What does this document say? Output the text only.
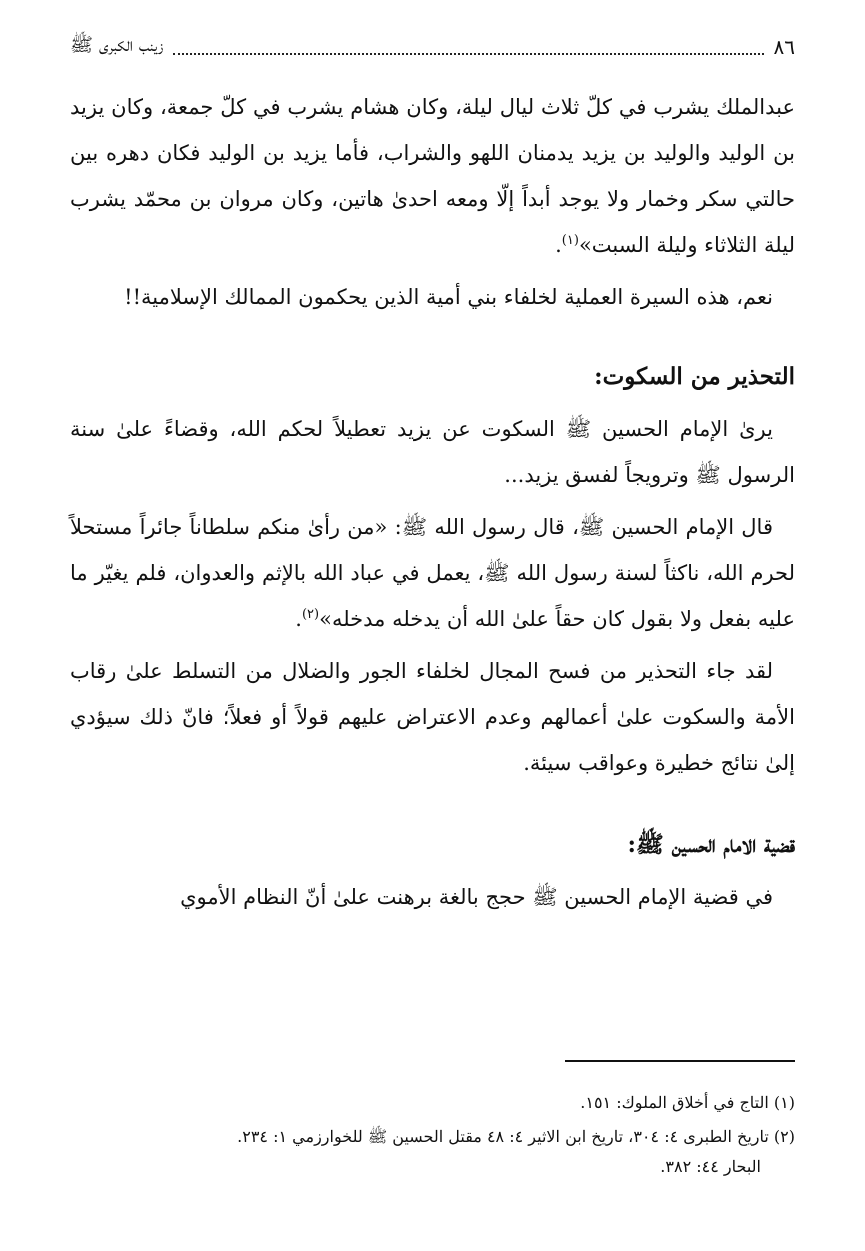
٨٦
زينب الكبرى ﷺ

عبدالملك يشرب في كلّ ثلاث ليال ليلة، وكان هشام يشرب في كلّ جمعة، وكان يزيد بن الوليد والوليد بن يزيد يدمنان اللهو والشراب، فأما يزيد بن الوليد فكان دهره بين حالتي سكر وخمار ولا يوجد أبداً إلّا ومعه احدىٰ هاتين، وكان مروان بن محمّد يشرب ليلة الثلاثاء وليلة السبت»$^{(١)}$.

نعم، هذه السيرة العملية لخلفاء بني أمية الذين يحكمون الممالك الإسلامية!!

التحذير من السكوت:

يرىٰ الإمام الحسين ﷺ السكوت عن يزيد تعطيلاً لحكم الله، وقضاءً علىٰ سنة الرسول ﷺ وترويجاً لفسق يزيد...

قال الإمام الحسين ﷺ، قال رسول الله ﷺ: «من رأىٰ منكم سلطاناً جائراً مستحلاً لحرم الله، ناكثاً لسنة رسول الله ﷺ، يعمل في عباد الله بالإثم والعدوان، فلم يغيّر ما عليه بفعل ولا بقول كان حقاً علىٰ الله أن يدخله مدخله»$^{(٢)}$.

لقد جاء التحذير من فسح المجال لخلفاء الجور والضلال من التسلط علىٰ رقاب الأمة والسكوت علىٰ أعمالهم وعدم الاعتراض عليهم قولاً أو فعلاً؛ فانّ ذلك سيؤدي إلىٰ نتائج خطيرة وعواقب سيئة.

قضية الامام الحسين ﷺ:

في قضية الإمام الحسين ﷺ حجج بالغة برهنت علىٰ أنّ النظام الأموي

(١) التاج في أخلاق الملوك: ١٥١.

(٢) تاريخ الطبرى ٤: ٣٠٤، تاريخ ابن الاثير ٤: ٤٨ مقتل الحسين ﷺ للخوارزمي ١: ٢٣٤.
البحار ٤٤: ٣٨٢.
